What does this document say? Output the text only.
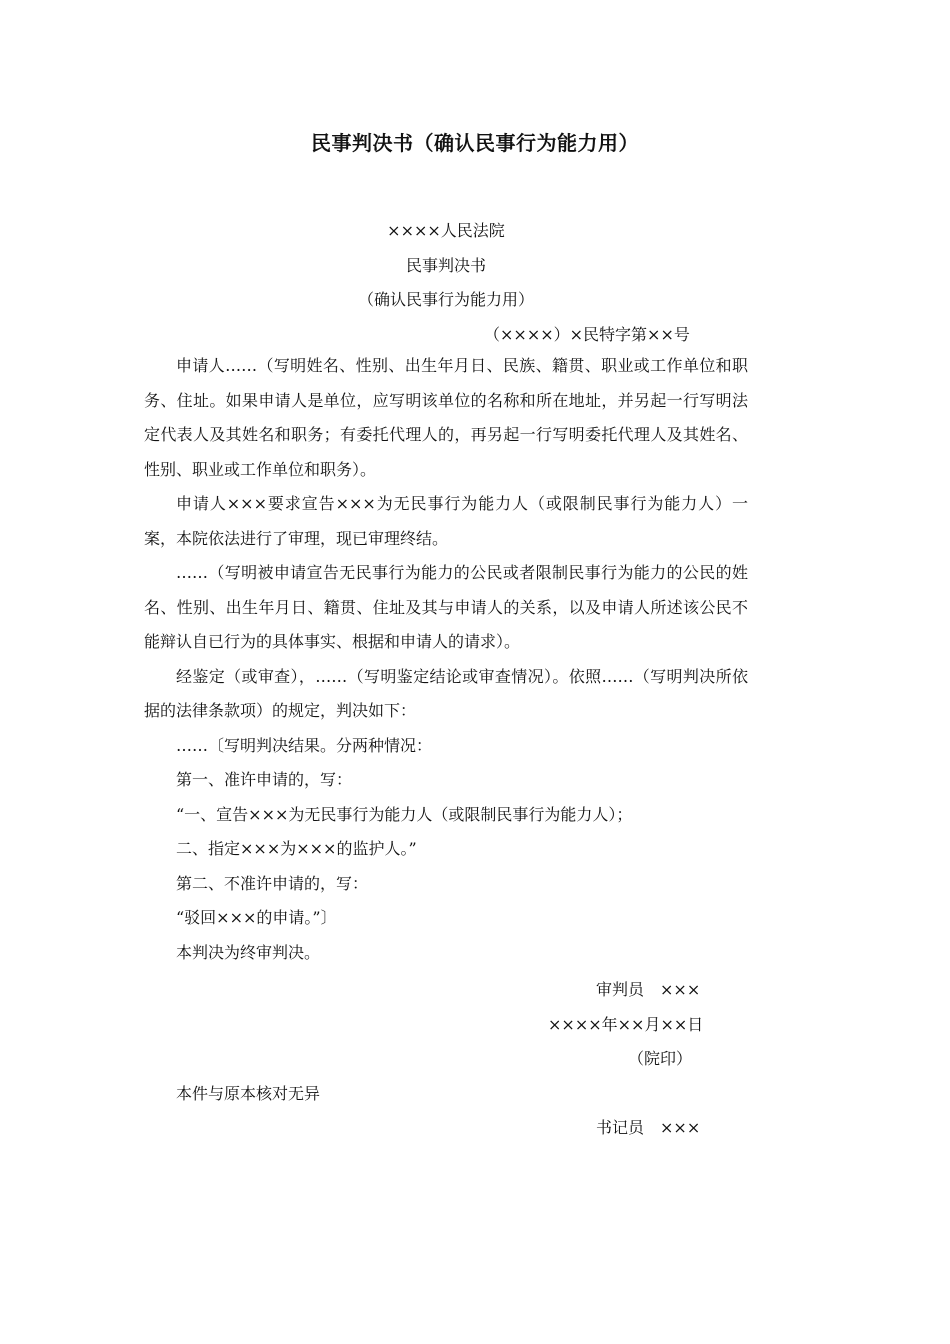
民事判决书（确认民事行为能力用）
××××人民法院
民事判决书
（确认民事行为能力用）
（××××）×民特字第××号

申请人……（写明姓名、性别、出生年月日、民族、籍贯、职业或工作单位和职务、住址。如果申请人是单位，应写明该单位的名称和所在地址，并另起一行写明法定代表人及其姓名和职务；有委托代理人的，再另起一行写明委托代理人及其姓名、性别、职业或工作单位和职务）。

申请人×××要求宣告×××为无民事行为能力人（或限制民事行为能力人）一案，本院依法进行了审理，现已审理终结。

……（写明被申请宣告无民事行为能力的公民或者限制民事行为能力的公民的姓名、性别、出生年月日、籍贯、住址及其与申请人的关系，以及申请人所述该公民不能辩认自已行为的具体事实、根据和申请人的请求）。

经鉴定（或审查），……（写明鉴定结论或审查情况）。依照……（写明判决所依据的法律条款项）的规定，判决如下：

……〔写明判决结果。分两种情况：

第一、准许申请的，写：

“一、宣告×××为无民事行为能力人（或限制民事行为能力人）；

二、指定×××为×××的监护人。”

第二、不准许申请的，写：

“驳回×××的申请。”〕

本判决为终审判决。

审判员　×××
××××年××月××日
（院印）
本件与原本核对无异
书记员　×××
